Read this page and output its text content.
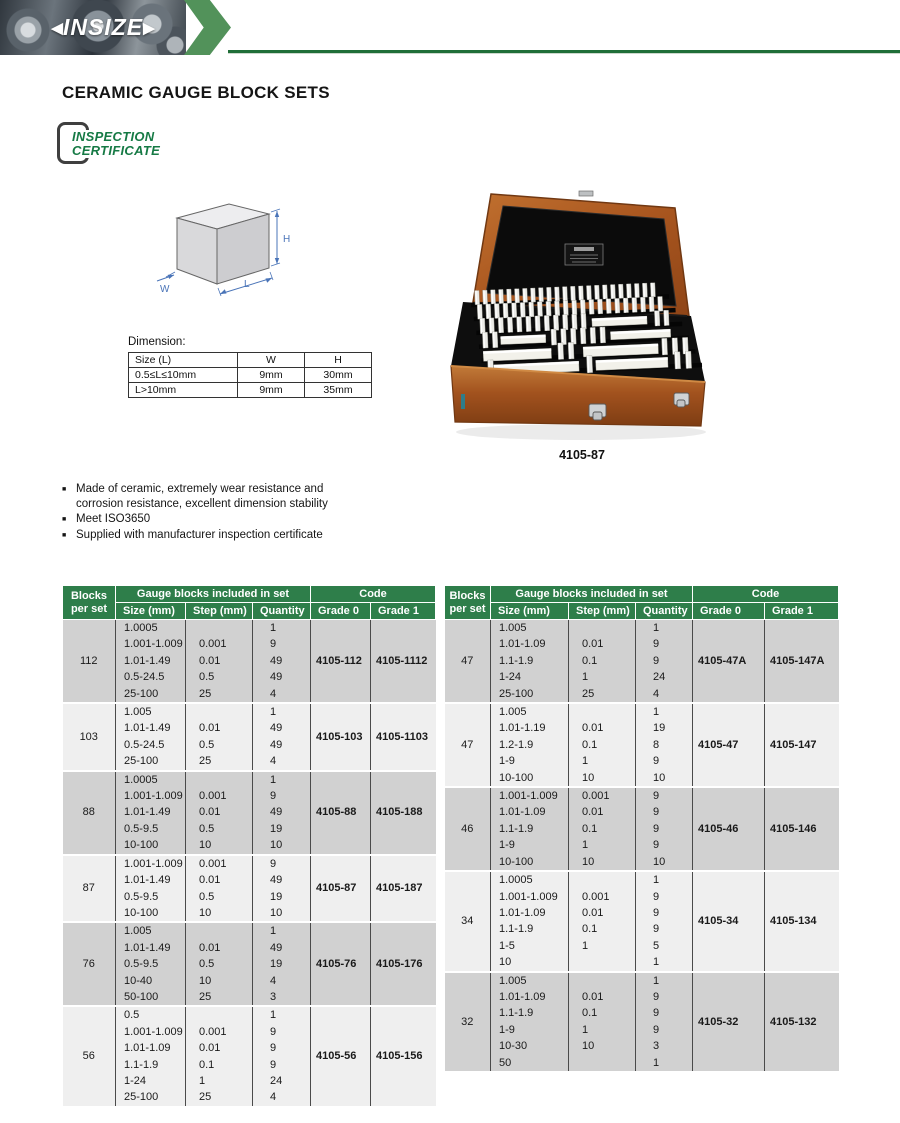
◀INSIZE▶
CERAMIC GAUGE BLOCK SETS
INSPECTION
CERTIFICATE
H
L
W
Dimension:
Size (L)	W	H
0.5≤L≤10mm	9mm	30mm
L>10mm	9mm	35mm
4105-87
■ Made of ceramic, extremely wear resistance and corrosion resistance, excellent dimension stability
■ Meet ISO3650
■ Supplied with manufacturer inspection certificate
Blocks
per set	Gauge blocks included in set			Code	
	Size (mm)	Step (mm)	Quantity	Grade 0	Grade 1
112	1.0005		1	4105-112	4105-1112
	1.001-1.009	0.001	9		
	1.01-1.49	0.01	49		
	0.5-24.5	0.5	49		
	25-100	25	4		
103	1.005		1	4105-103	4105-1103
	1.01-1.49	0.01	49		
	0.5-24.5	0.5	49		
	25-100	25	4		
88	1.0005		1	4105-88	4105-188
	1.001-1.009	0.001	9		
	1.01-1.49	0.01	49		
	0.5-9.5	0.5	19		
	10-100	10	10		
87	1.001-1.009	0.001	9	4105-87	4105-187
	1.01-1.49	0.01	49		
	0.5-9.5	0.5	19		
	10-100	10	10		
76	1.005		1	4105-76	4105-176
	1.01-1.49	0.01	49		
	0.5-9.5	0.5	19		
	10-40	10	4		
	50-100	25	3		
56	0.5		1	4105-56	4105-156
	1.001-1.009	0.001	9		
	1.01-1.09	0.01	9		
	1.1-1.9	0.1	9		
	1-24	1	24		
	25-100	25	4		
Blocks
per set	Gauge blocks included in set			Code	
	Size (mm)	Step (mm)	Quantity	Grade 0	Grade 1
47	1.005		1	4105-47A	4105-147A
	1.01-1.09	0.01	9		
	1.1-1.9	0.1	9		
	1-24	1	24		
	25-100	25	4		
47	1.005		1	4105-47	4105-147
	1.01-1.19	0.01	19		
	1.2-1.9	0.1	8		
	1-9	1	9		
	10-100	10	10		
46	1.001-1.009	0.001	9	4105-46	4105-146
	1.01-1.09	0.01	9		
	1.1-1.9	0.1	9		
	1-9	1	9		
	10-100	10	10		
34	1.0005		1	4105-34	4105-134
	1.001-1.009	0.001	9		
	1.01-1.09	0.01	9		
	1.1-1.9	0.1	9		
	1-5	1	5		
	10		1		
32	1.005		1	4105-32	4105-132
	1.01-1.09	0.01	9		
	1.1-1.9	0.1	9		
	1-9	1	9		
	10-30	10	3		
	50		1		
